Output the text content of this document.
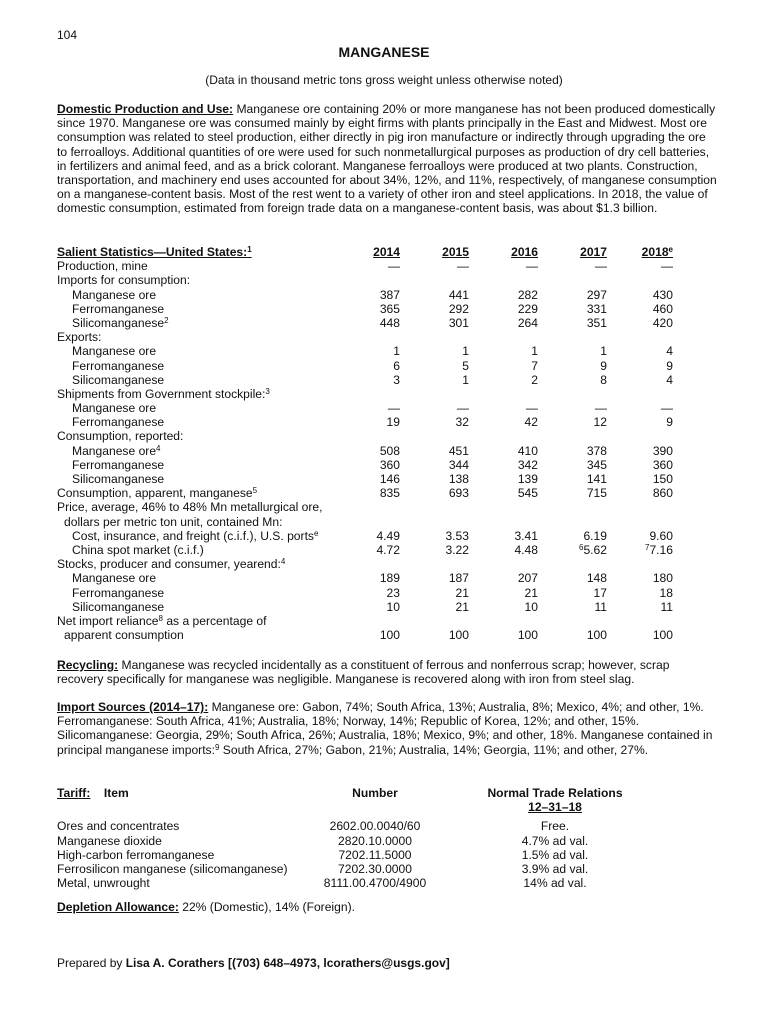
104
MANGANESE
(Data in thousand metric tons gross weight unless otherwise noted)
Domestic Production and Use: Manganese ore containing 20% or more manganese has not been produced domestically since 1970. Manganese ore was consumed mainly by eight firms with plants principally in the East and Midwest. Most ore consumption was related to steel production, either directly in pig iron manufacture or indirectly through upgrading the ore to ferroalloys. Additional quantities of ore were used for such nonmetallurgical purposes as production of dry cell batteries, in fertilizers and animal feed, and as a brick colorant. Manganese ferroalloys were produced at two plants. Construction, transportation, and machinery end uses accounted for about 34%, 12%, and 11%, respectively, of manganese consumption on a manganese-content basis. Most of the rest went to a variety of other iron and steel applications. In 2018, the value of domestic consumption, estimated from foreign trade data on a manganese-content basis, was about $1.3 billion.
Salient Statistics—United States:$^1$	2014	2015	2016	2017	2018e
Production, mine	—	—	—	—	—
Imports for consumption:
Manganese ore	387	441	282	297	430
Ferromanganese	365	292	229	331	460
Silicomanganese$^2$	448	301	264	351	420
Exports:
Manganese ore	1	1	1	1	4
Ferromanganese	6	5	7	9	9
Silicomanganese	3	1	2	8	4
Shipments from Government stockpile:$^3$
Manganese ore	—	—	—	—	—
Ferromanganese	19	32	42	12	9
Consumption, reported:
Manganese ore$^4$	508	451	410	378	390
Ferromanganese	360	344	342	345	360
Silicomanganese	146	138	139	141	150
Consumption, apparent, manganese$^5$	835	693	545	715	860
Price, average, 46% to 48% Mn metallurgical ore,
dollars per metric ton unit, contained Mn:
Cost, insurance, and freight (c.i.f.), U.S. ports$^e$	4.49	3.53	3.41	6.19	9.60
China spot market (c.i.f.)	4.72	3.22	4.48	$^6$5.62	$^7$7.16
Stocks, producer and consumer, yearend:$^4$
Manganese ore	189	187	207	148	180
Ferromanganese	23	21	21	17	18
Silicomanganese	10	21	10	11	11
Net import reliance$^8$ as a percentage of
apparent consumption	100	100	100	100	100
Recycling: Manganese was recycled incidentally as a constituent of ferrous and nonferrous scrap; however, scrap recovery specifically for manganese was negligible. Manganese is recovered along with iron from steel slag.
Import Sources (2014–17): Manganese ore: Gabon, 74%; South Africa, 13%; Australia, 8%; Mexico, 4%; and other, 1%. Ferromanganese: South Africa, 41%; Australia, 18%; Norway, 14%; Republic of Korea, 12%; and other, 15%. Silicomanganese: Georgia, 29%; South Africa, 26%; Australia, 18%; Mexico, 9%; and other, 18%. Manganese contained in principal manganese imports:$^9$ South Africa, 27%; Gabon, 21%; Australia, 14%; Georgia, 11%; and other, 27%.
Tariff: Item	Number	Normal Trade Relations
12–31–18
Ores and concentrates	2602.00.0040/60	Free.
Manganese dioxide	2820.10.0000	4.7% ad val.
High-carbon ferromanganese	7202.11.5000	1.5% ad val.
Ferrosilicon manganese (silicomanganese)	7202.30.0000	3.9% ad val.
Metal, unwrought	8111.00.4700/4900	14% ad val.
Depletion Allowance: 22% (Domestic), 14% (Foreign).
Prepared by Lisa A. Corathers [(703) 648–4973, lcorathers@usgs.gov]
